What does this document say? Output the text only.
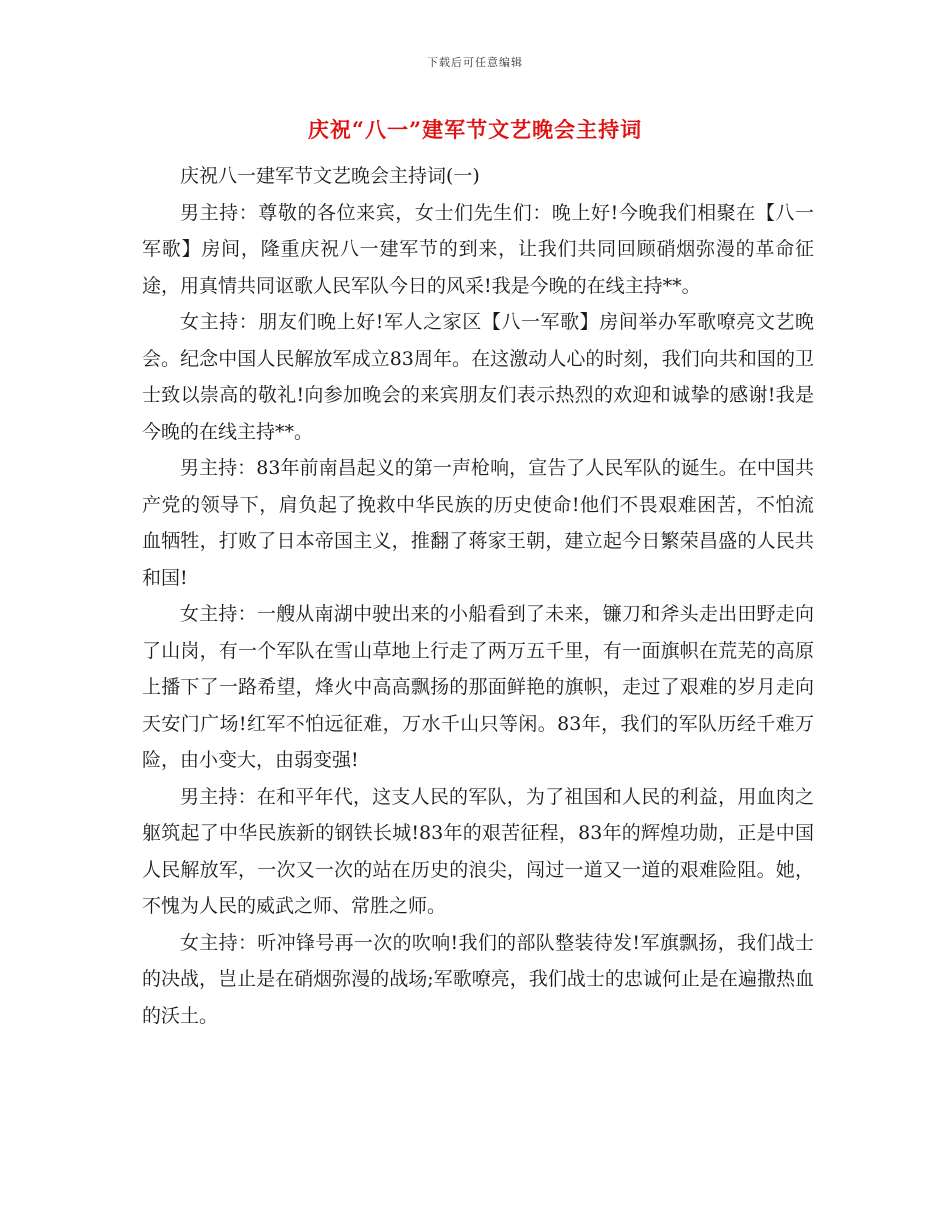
下载后可任意编辑
庆祝“八一”建军节文艺晚会主持词

庆祝八一建军节文艺晚会主持词(一)

男主持：尊敬的各位来宾，女士们先生们：晚上好!今晚我们相聚在【八一军歌】房间，隆重庆祝八一建军节的到来，让我们共同回顾硝烟弥漫的革命征途，用真情共同讴歌人民军队今日的风采!我是今晚的在线主持**。

女主持：朋友们晚上好!军人之家区【八一军歌】房间举办军歌嘹亮文艺晚会。纪念中国人民解放军成立83周年。在这激动人心的时刻，我们向共和国的卫士致以崇高的敬礼!向参加晚会的来宾朋友们表示热烈的欢迎和诚挚的感谢!我是今晚的在线主持**。

男主持：83年前南昌起义的第一声枪响，宣告了人民军队的诞生。在中国共产党的领导下，肩负起了挽救中华民族的历史使命!他们不畏艰难困苦，不怕流血牺牲，打败了日本帝国主义，推翻了蒋家王朝，建立起今日繁荣昌盛的人民共和国!

女主持：一艘从南湖中驶出来的小船看到了未来，镰刀和斧头走出田野走向了山岗，有一个军队在雪山草地上行走了两万五千里，有一面旗帜在荒芜的高原上播下了一路希望，烽火中高高飘扬的那面鲜艳的旗帜，走过了艰难的岁月走向天安门广场!红军不怕远征难，万水千山只等闲。83年，我们的军队历经千难万险，由小变大，由弱变强!

男主持：在和平年代，这支人民的军队，为了祖国和人民的利益，用血肉之躯筑起了中华民族新的钢铁长城!83年的艰苦征程，83年的辉煌功勋，正是中国人民解放军，一次又一次的站在历史的浪尖，闯过一道又一道的艰难险阻。她，不愧为人民的威武之师、常胜之师。

女主持：听冲锋号再一次的吹响!我们的部队整装待发!军旗飘扬，我们战士的决战，岂止是在硝烟弥漫的战场;军歌嘹亮，我们战士的忠诚何止是在遍撒热血的沃土。
